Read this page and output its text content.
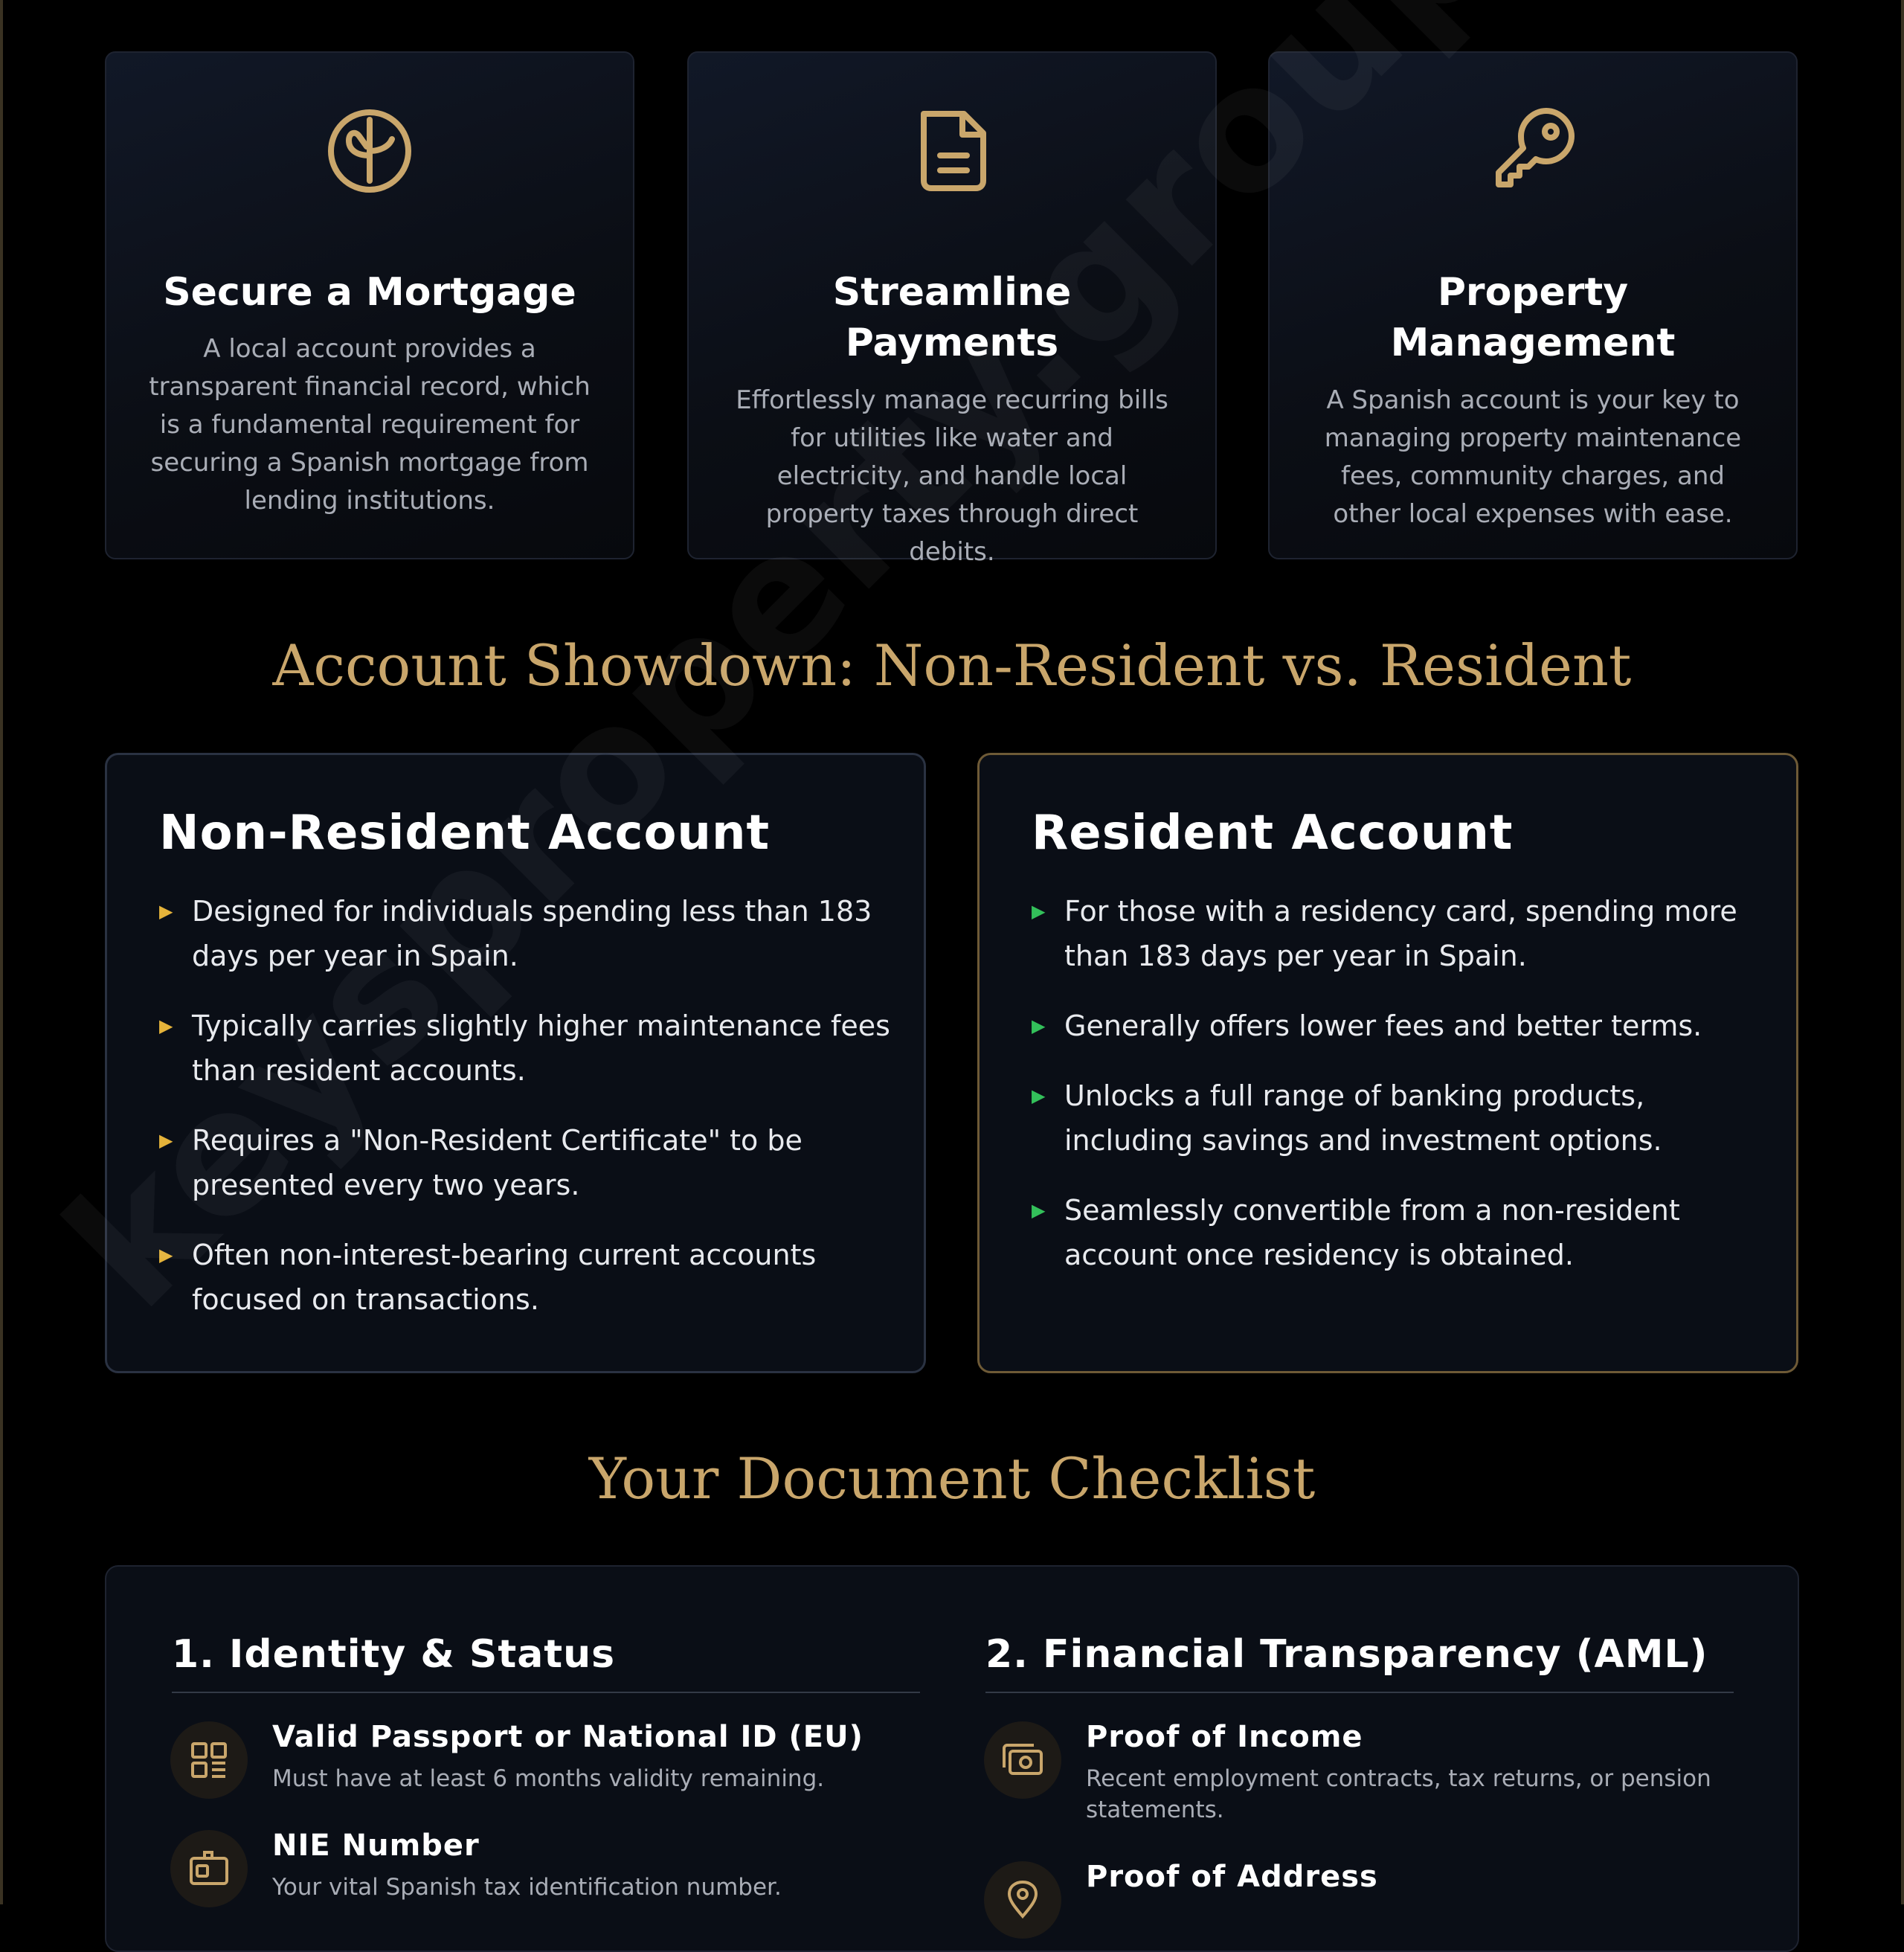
Secure a Mortgage
A local account provides a transparent financial record, which is a fundamental requirement for securing a Spanish mortgage from lending institutions.
Streamline Payments
Effortlessly manage recurring bills for utilities like water and electricity, and handle local property taxes through direct debits.
Property Management
A Spanish account is your key to managing property maintenance fees, community charges, and other local expenses with ease.
Account Showdown: Non-Resident vs. Resident
Non-Resident Account
▶ Designed for individuals spending less than 183 days per year in Spain.
▶ Typically carries slightly higher maintenance fees than resident accounts.
▶ Requires a "Non-Resident Certificate" to be presented every two years.
▶ Often non-interest-bearing current accounts focused on transactions.
Resident Account
▶ For those with a residency card, spending more than 183 days per year in Spain.
▶ Generally offers lower fees and better terms.
▶ Unlocks a full range of banking products, including savings and investment options.
▶ Seamlessly convertible from a non-resident account once residency is obtained.
Your Document Checklist
1. Identity & Status	2. Financial Transparency (AML)
Valid Passport or National ID (EU)
Must have at least 6 months validity remaining.
NIE Number
Your vital Spanish tax identification number.
Proof of Income
Recent employment contracts, tax returns, or pension statements.
Proof of Address
